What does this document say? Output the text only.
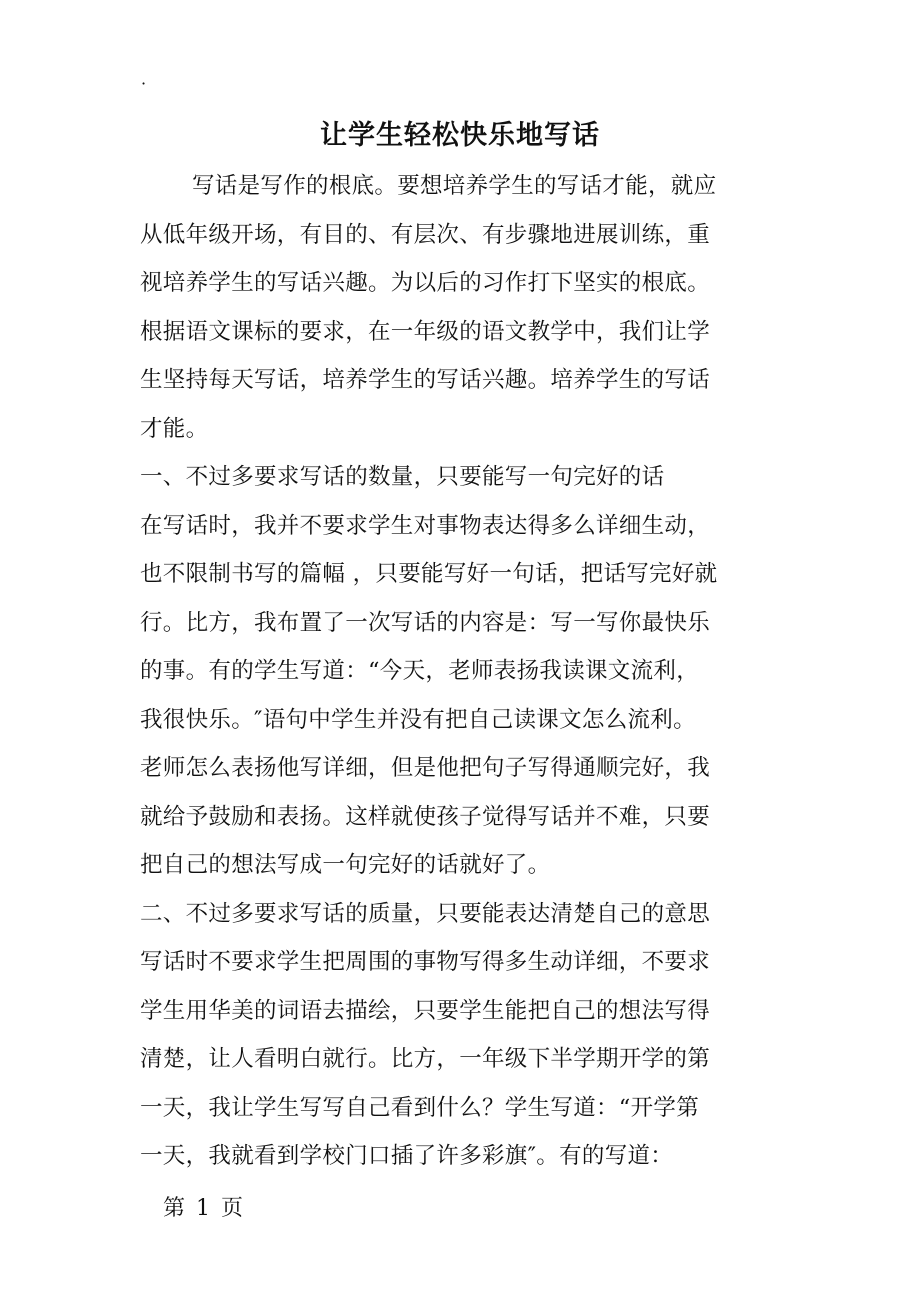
·
让学生轻松快乐地写话
写话是写作的根底。要想培养学生的写话才能，就应
从低年级开场，有目的、有层次、有步骤地进展训练，重
视培养学生的写话兴趣。为以后的习作打下坚实的根底。
根据语文课标的要求，在一年级的语文教学中，我们让学
生坚持每天写话，培养学生的写话兴趣。培养学生的写话
才能。
一、不过多要求写话的数量，只要能写一句完好的话
在写话时，我并不要求学生对事物表达得多么详细生动，
也不限制书写的篇幅 ，只要能写好一句话，把话写完好就
行。比方，我布置了一次写话的内容是：写一写你最快乐
的事。有的学生写道：“今天，老师表扬我读课文流利，
我很快乐。″语句中学生并没有把自己读课文怎么流利。
老师怎么表扬他写详细，但是他把句子写得通顺完好，我
就给予鼓励和表扬。这样就使孩子觉得写话并不难，只要
把自己的想法写成一句完好的话就好了。
二、不过多要求写话的质量，只要能表达清楚自己的意思
写话时不要求学生把周围的事物写得多生动详细，不要求
学生用华美的词语去描绘，只要学生能把自己的想法写得
清楚，让人看明白就行。比方，一年级下半学期开学的第
一天，我让学生写写自己看到什么？学生写道：“开学第
一天，我就看到学校门口插了许多彩旗″。有的写道：
第 1 页
